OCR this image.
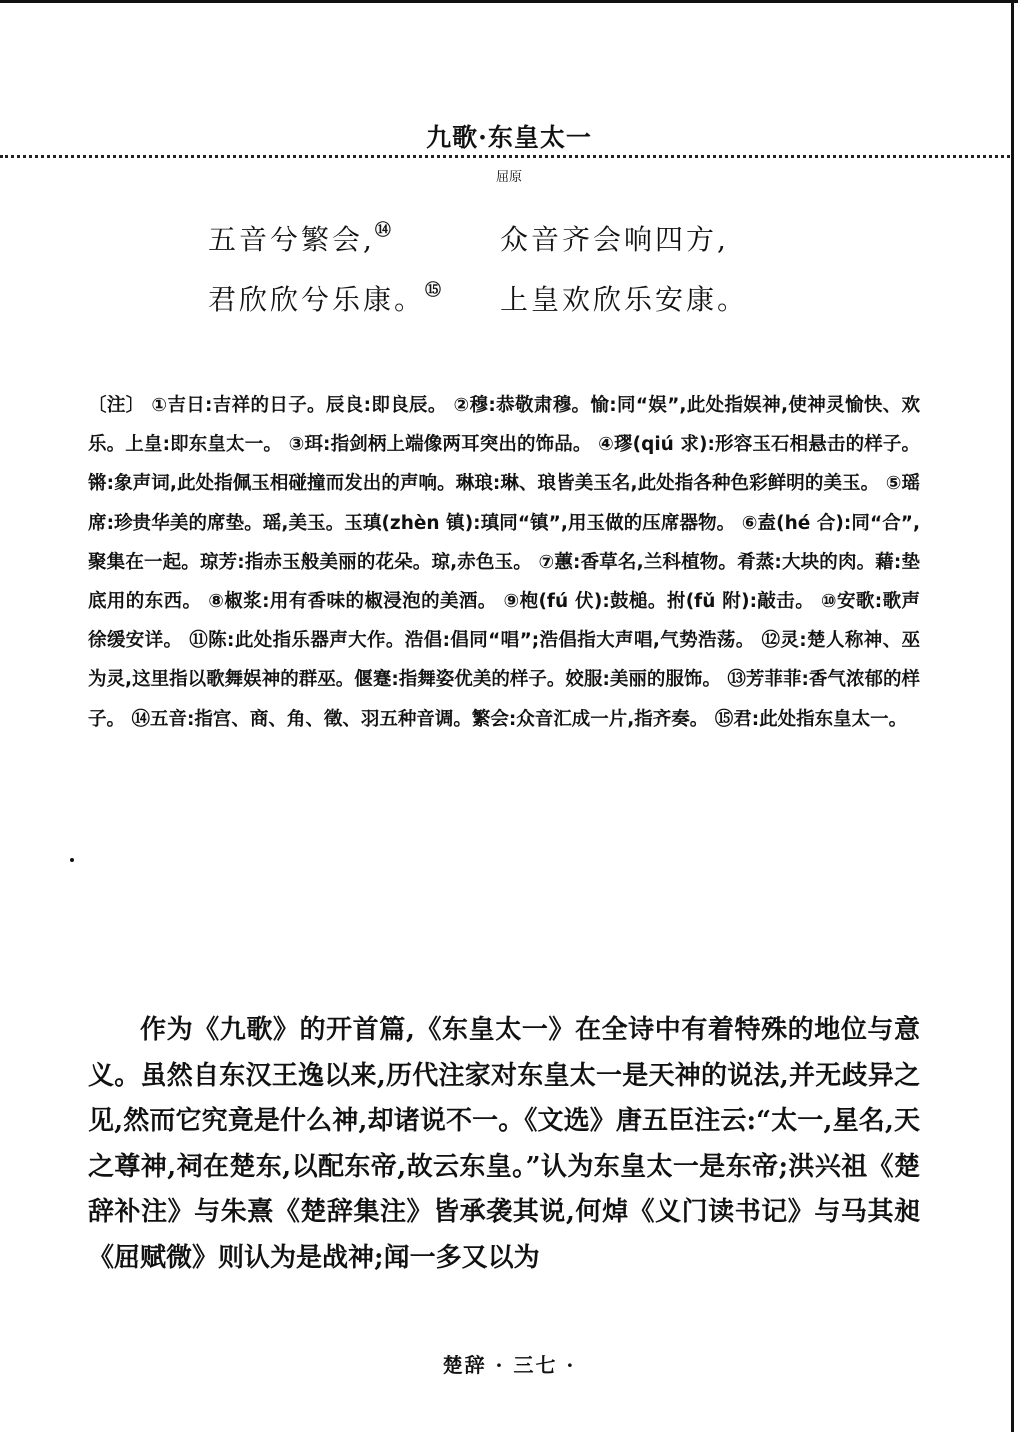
九歌·东皇太一
屈原
五音兮繁会,⑭	众音齐会响四方,
君欣欣兮乐康。⑮ 上皇欢欣乐安康。
〔注〕 ①吉日:吉祥的日子。辰良:即良辰。 ②穆:恭敬肃穆。愉:同“娱”,此处指娱神,使神灵愉快、欢乐。上皇:即东皇太一。 ③珥:指剑柄上端像两耳突出的饰品。 ④璆(qiú 求):形容玉石相悬击的样子。锵:象声词,此处指佩玉相碰撞而发出的声响。琳琅:琳、琅皆美玉名,此处指各种色彩鲜明的美玉。 ⑤瑶席:珍贵华美的席垫。瑶,美玉。玉瑱(zhèn 镇):瑱同“镇”,用玉做的压席器物。 ⑥盍(hé 合):同“合”,聚集在一起。琼芳:指赤玉般美丽的花朵。琼,赤色玉。 ⑦蕙:香草名,兰科植物。肴蒸:大块的肉。藉:垫底用的东西。 ⑧椒浆:用有香味的椒浸泡的美酒。 ⑨枹(fú 伏):鼓槌。拊(fǔ 附):敲击。 ⑩安歌:歌声徐缓安详。 ⑪陈:此处指乐器声大作。浩倡:倡同“唱”;浩倡指大声唱,气势浩荡。 ⑫灵:楚人称神、巫为灵,这里指以歌舞娱神的群巫。偃蹇:指舞姿优美的样子。姣服:美丽的服饰。 ⑬芳菲菲:香气浓郁的样子。 ⑭五音:指宫、商、角、徵、羽五种音调。繁会:众音汇成一片,指齐奏。 ⑮君:此处指东皇太一。
作为《九歌》的开首篇,《东皇太一》在全诗中有着特殊的地位与意义。虽然自东汉王逸以来,历代注家对东皇太一是天神的说法,并无歧异之见,然而它究竟是什么神,却诸说不一。《文选》唐五臣注云:“太一,星名,天之尊神,祠在楚东,以配东帝,故云东皇。”认为东皇太一是东帝;洪兴祖《楚辞补注》与朱熹《楚辞集注》皆承袭其说,何焯《义门读书记》与马其昶《屈赋微》则认为是战神;闻一多又以为
楚辞 · 三七 ·
